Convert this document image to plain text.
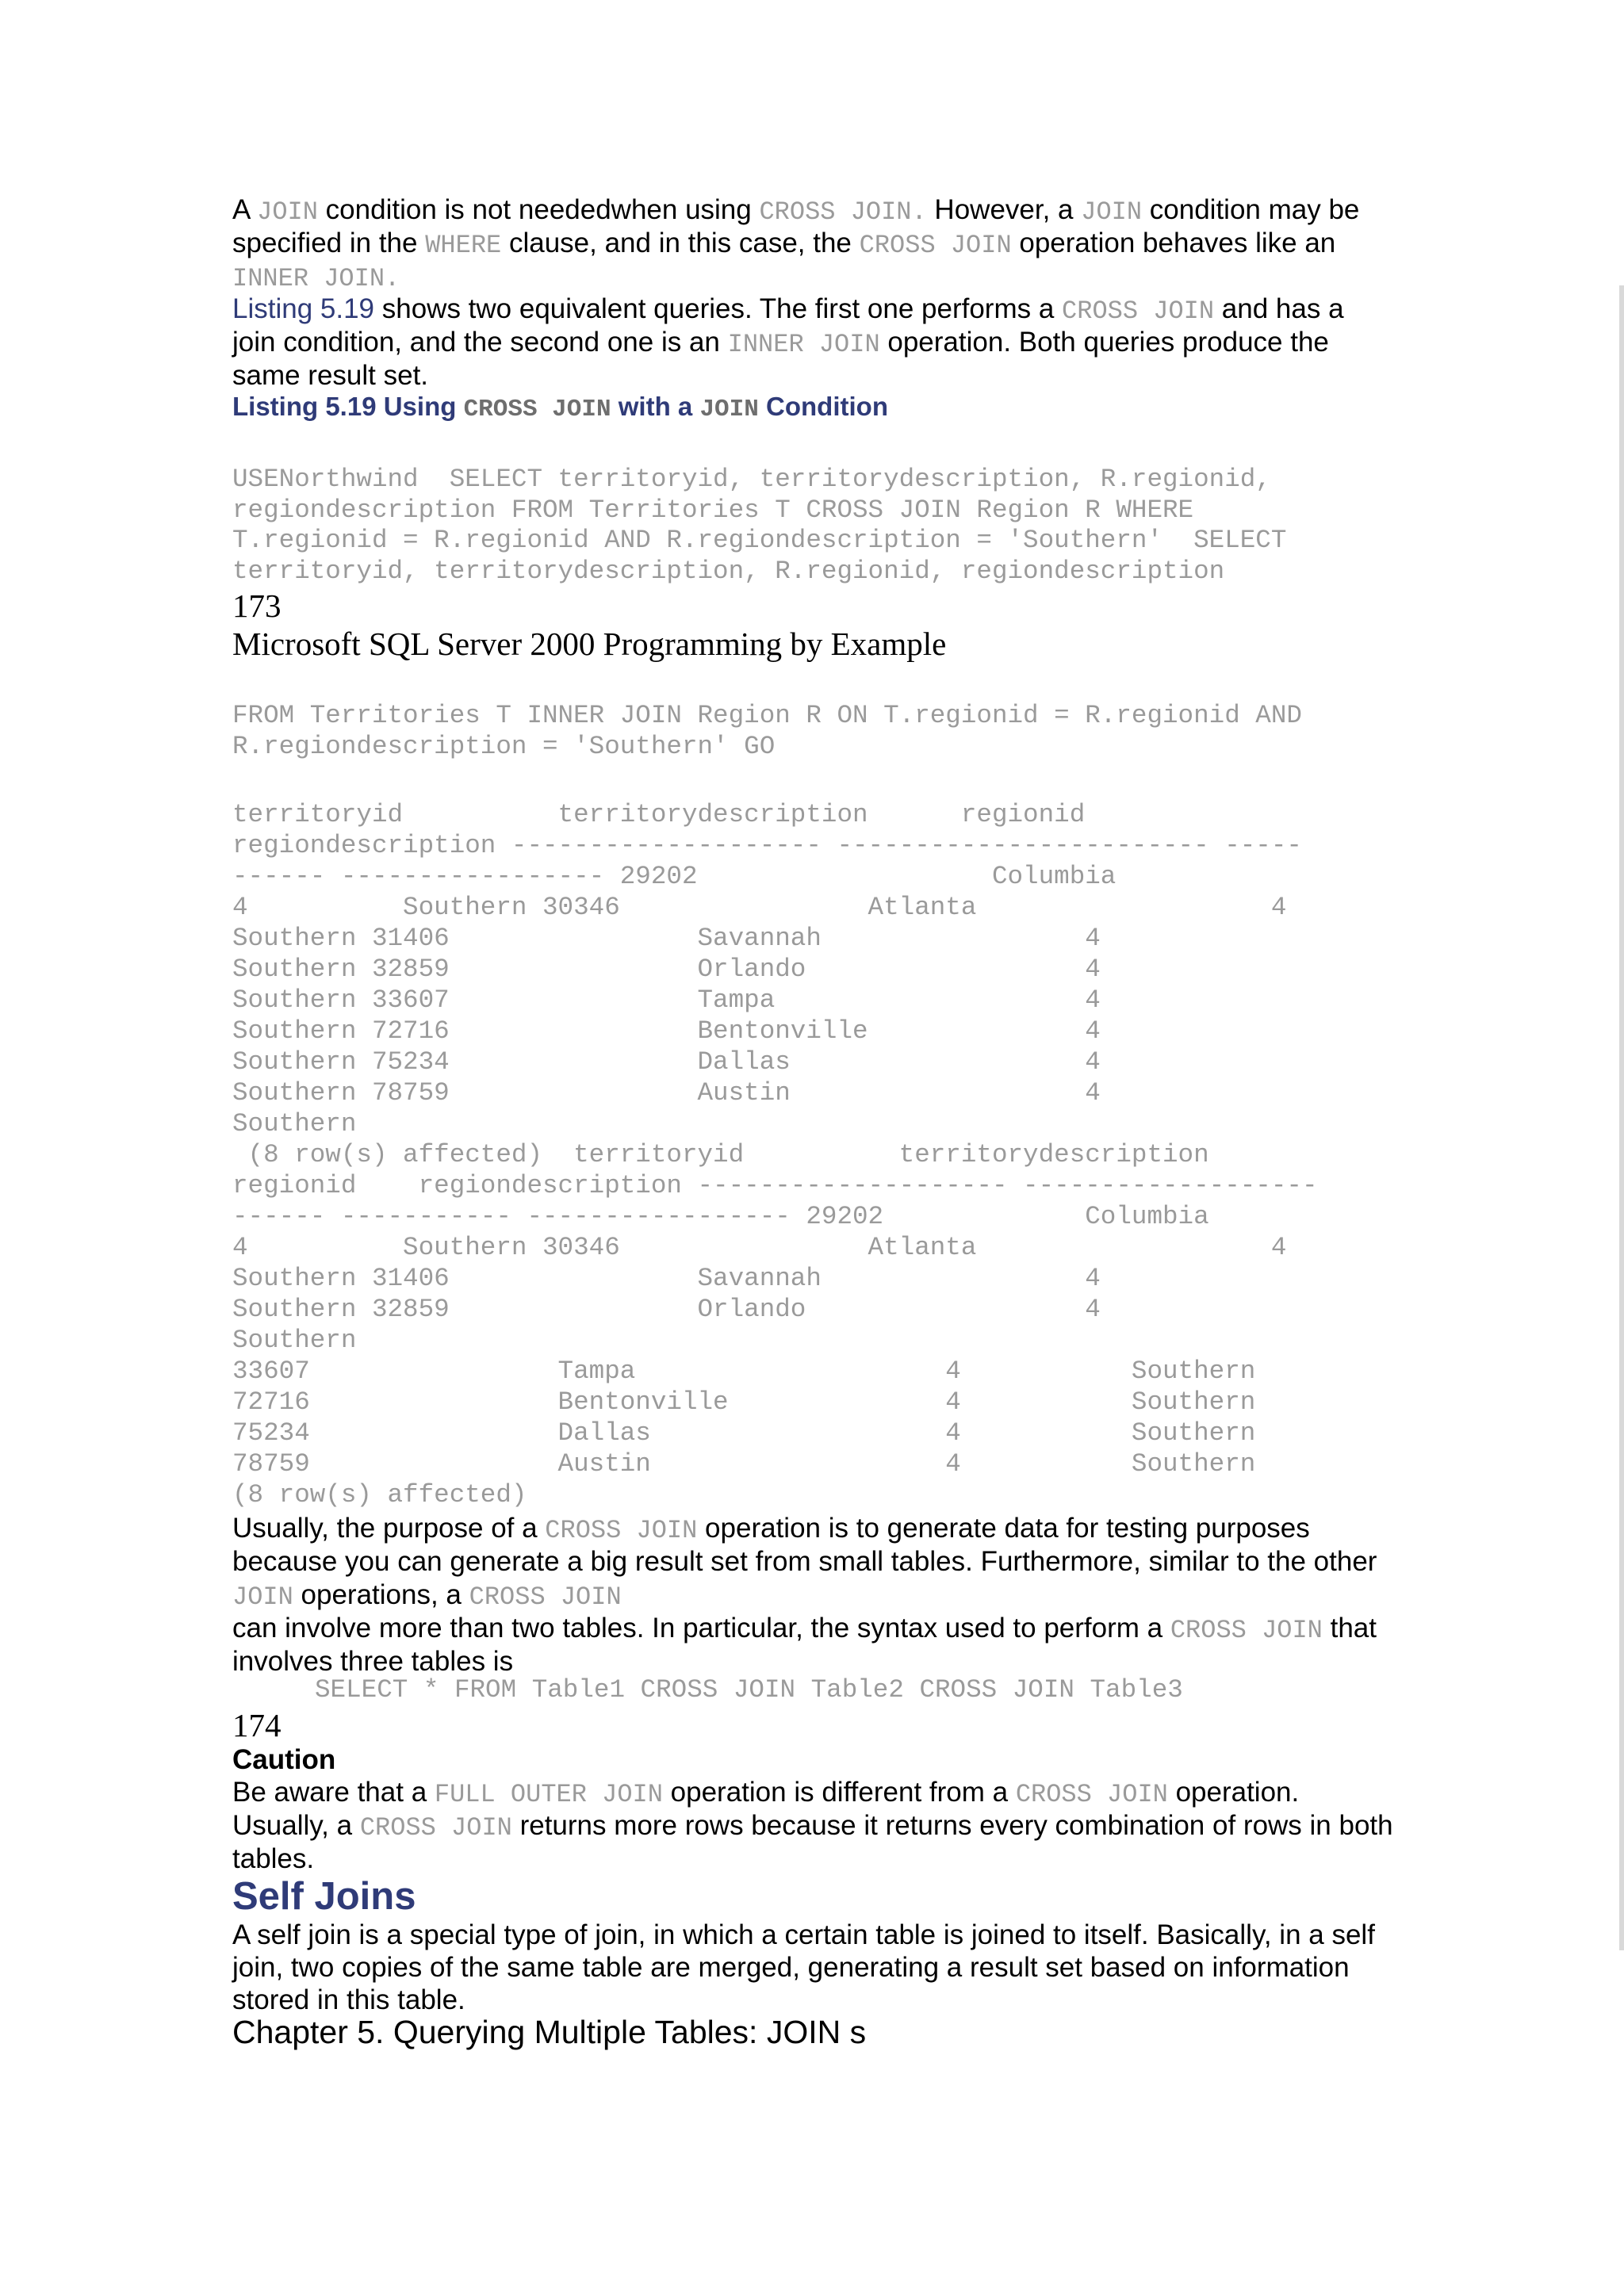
A JOIN condition is not neededwhen using CROSS JOIN. However, a JOIN condition may be
specified in the WHERE clause, and in this case, the CROSS JOIN operation behaves like an
INNER JOIN.
Listing 5.19 shows two equivalent queries. The first one performs a CROSS JOIN and has a
join condition, and the second one is an INNER JOIN operation. Both queries produce the
same result set.
Listing 5.19 Using CROSS JOIN with a JOIN Condition
USENorthwind  SELECT territoryid, territorydescription, R.regionid,
regiondescription FROM Territories T CROSS JOIN Region R WHERE
T.regionid = R.regionid AND R.regiondescription = 'Southern'  SELECT
territoryid, territorydescription, R.regionid, regiondescription
173
Microsoft SQL Server 2000 Programming by Example
FROM Territories T INNER JOIN Region R ON T.regionid = R.regionid AND
R.regiondescription = 'Southern' GO
territoryid          territorydescription      regionid
regiondescription -------------------- ------------------------ -----
------ ----------------- 29202                   Columbia
4          Southern 30346                Atlanta                   4
Southern 31406                Savannah                 4
Southern 32859                Orlando                  4
Southern 33607                Tampa                    4
Southern 72716                Bentonville              4
Southern 75234                Dallas                   4
Southern 78759                Austin                   4
Southern
(8 row(s) affected)  territoryid          territorydescription
regionid    regiondescription -------------------- -------------------
------ ----------- ----------------- 29202             Columbia
4          Southern 30346                Atlanta                   4
Southern 31406                Savannah                 4
Southern 32859                Orlando                  4
Southern
33607                Tampa                    4           Southern
72716                Bentonville              4           Southern
75234                Dallas                   4           Southern
78759                Austin                   4           Southern
(8 row(s) affected)
Usually, the purpose of a CROSS JOIN operation is to generate data for testing purposes
because you can generate a big result set from small tables. Furthermore, similar to the other
JOIN operations, a CROSS JOIN
can involve more than two tables. In particular, the syntax used to perform a CROSS JOIN that
involves three tables is
SELECT * FROM Table1 CROSS JOIN Table2 CROSS JOIN Table3
174
Caution
Be aware that a FULL OUTER JOIN operation is different from a CROSS JOIN operation.
Usually, a CROSS JOIN returns more rows because it returns every combination of rows in both
tables.
Self Joins
A self join is a special type of join, in which a certain table is joined to itself. Basically, in a self
join, two copies of the same table are merged, generating a result set based on information
stored in this table.
Chapter 5. Querying Multiple Tables: JOIN s
